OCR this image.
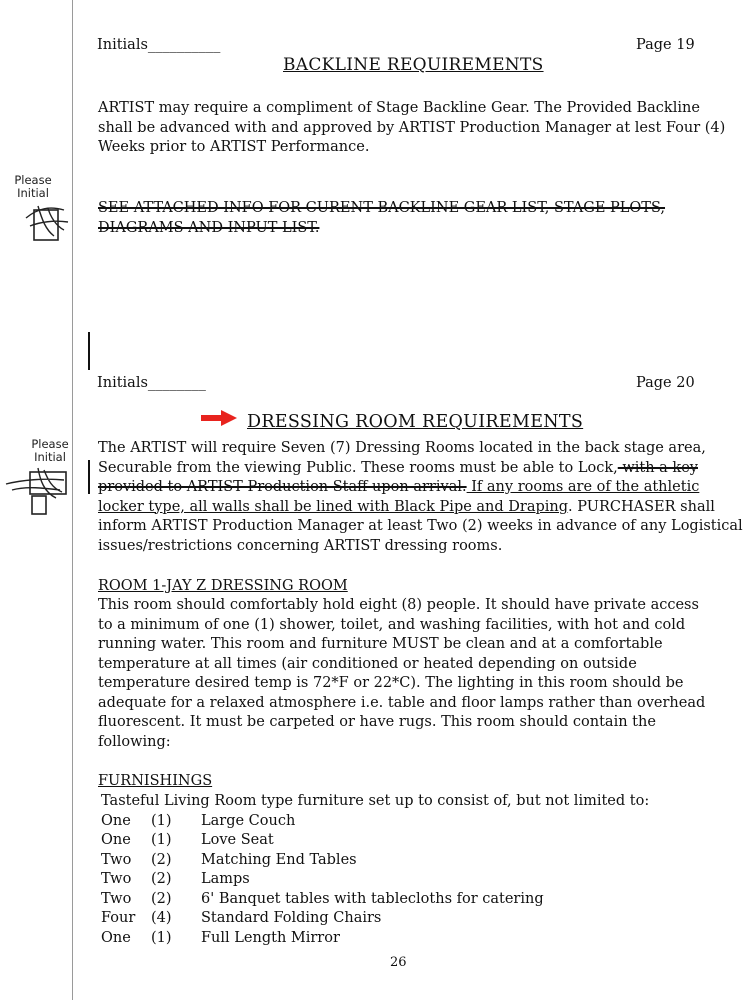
Initials__________	Page 19
BACKLINE REQUIREMENTS
ARTIST may require a compliment of Stage Backline Gear. The Provided Backline shall be advanced with and approved by ARTIST Production Manager at lest Four (4) Weeks prior to ARTIST Performance.
Please Initial
SEE ATTACHED INFO FOR CURENT BACKLINE GEAR LIST, STAGE PLOTS, DIAGRAMS AND INPUT LIST.
Initials________	Page 20
DRESSING ROOM REQUIREMENTS
Please Initial
The ARTIST will require Seven (7) Dressing Rooms located in the back stage area, Securable from the viewing Public. These rooms must be able to Lock, with a key provided to ARTIST Production Staff upon arrival. If any rooms are of the athletic locker type, all walls shall be lined with Black Pipe and Draping. PURCHASER shall inform ARTIST Production Manager at least Two (2) weeks in advance of any Logistical issues/restrictions concerning ARTIST dressing rooms.
ROOM 1-JAY Z DRESSING ROOM
This room should comfortably hold eight (8) people. It should have private access to a minimum of one (1) shower, toilet, and washing facilities, with hot and cold running water. This room and furniture MUST be clean and at a comfortable temperature at all times (air conditioned or heated depending on outside temperature desired temp is 72*F or 22*C). The lighting in this room should be adequate for a relaxed atmosphere i.e. table and floor lamps rather than overhead fluorescent. It must be carpeted or have rugs. This room should contain the following:
FURNISHINGS
Tasteful Living Room type furniture set up to consist of, but not limited to:
One (1) Large Couch
One (1) Love Seat
Two (2) Matching End Tables
Two (2) Lamps
Two (2) 6' Banquet tables with tablecloths for catering
Four (4) Standard Folding Chairs
One (1) Full Length Mirror
26
